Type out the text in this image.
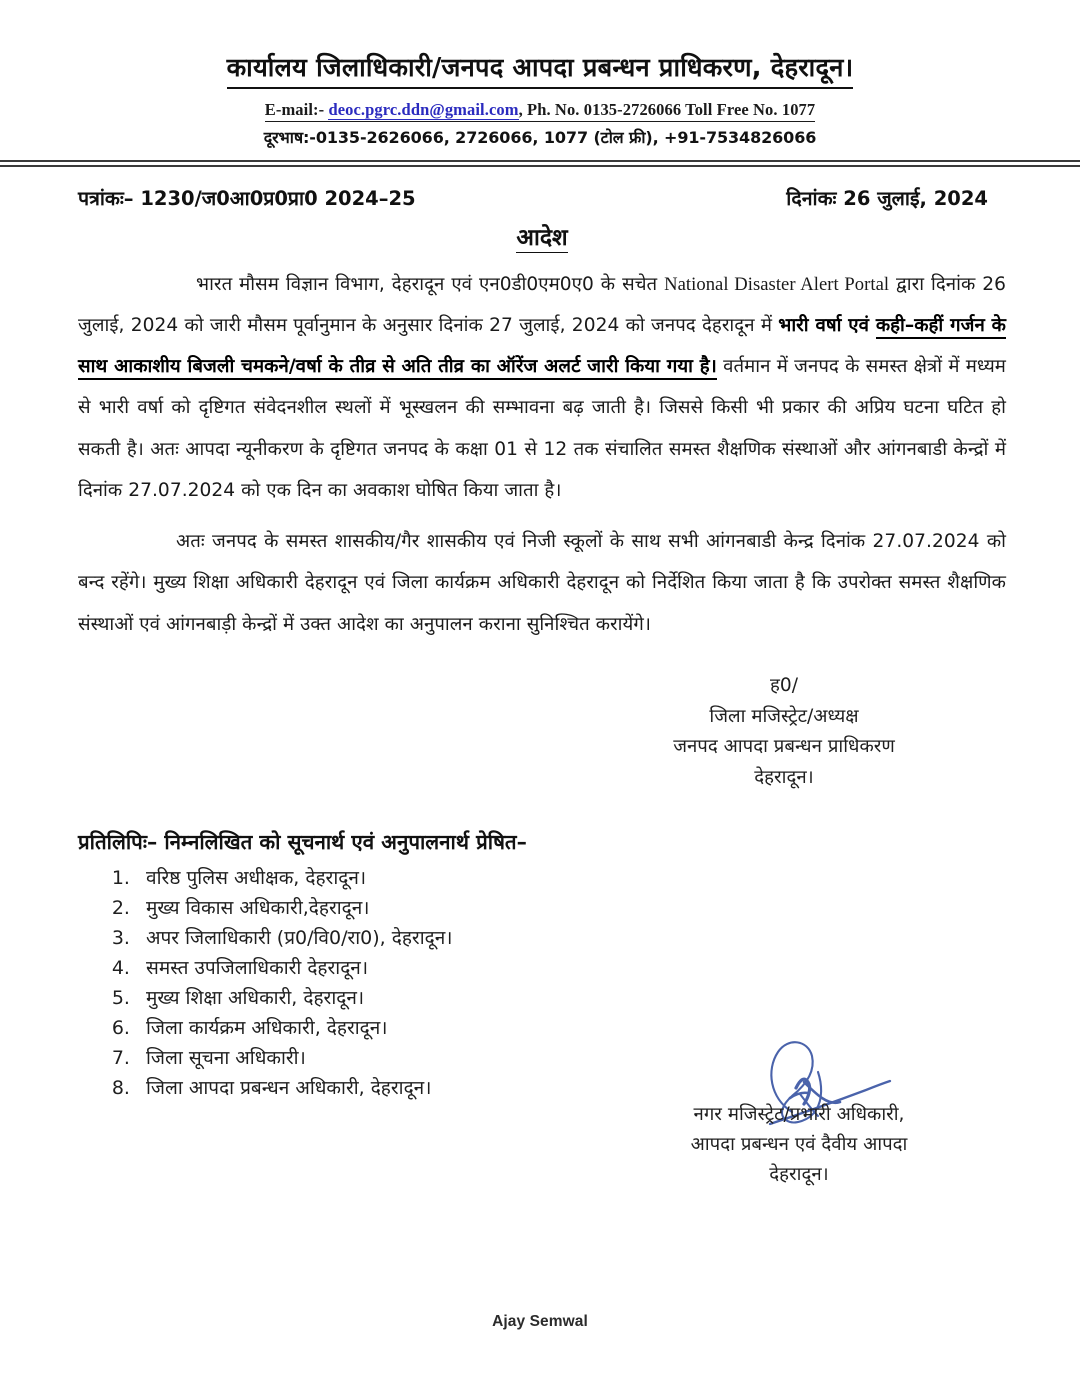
कार्यालय जिलाधिकारी/जनपद आपदा प्रबन्धन प्राधिकरण, देहरादून।
E-mail:- deoc.pgrc.ddn@gmail.com, Ph. No. 0135-2726066 Toll Free No. 1077
दूरभाष:-0135-2626066, 2726066, 1077 (टोल फ्री), +91-7534826066
पत्रांकः– 1230/ज0आ0प्र0प्रा0 2024–25	दिनांकः 26 जुलाई, 2024
आदेश

भारत मौसम विज्ञान विभाग, देहरादून एवं एन0डी0एम0ए0 के सचेत National Disaster Alert Portal द्वारा दिनांक 26 जुलाई, 2024 को जारी मौसम पूर्वानुमान के अनुसार दिनांक 27 जुलाई, 2024 को जनपद देहरादून में भारी वर्षा एवं कही–कहीं गर्जन के साथ आकाशीय बिजली चमकने/वर्षा के तीव्र से अति तीव्र का ऑरेंज अलर्ट जारी किया गया है। वर्तमान में जनपद के समस्त क्षेत्रों में मध्यम से भारी वर्षा को दृष्टिगत संवेदनशील स्थलों में भूस्खलन की सम्भावना बढ़ जाती है। जिससे किसी भी प्रकार की अप्रिय घटना घटित हो सकती है। अतः आपदा न्यूनीकरण के दृष्टिगत जनपद के कक्षा 01 से 12 तक संचालित समस्त शैक्षणिक संस्थाओं और आंगनबाडी केन्द्रों में दिनांक 27.07.2024 को एक दिन का अवकाश घोषित किया जाता है।

अतः जनपद के समस्त शासकीय/गैर शासकीय एवं निजी स्कूलों के साथ सभी आंगनबाडी केन्द्र दिनांक 27.07.2024 को बन्द रहेंगे। मुख्य शिक्षा अधिकारी देहरादून एवं जिला कार्यक्रम अधिकारी देहरादून को निर्देशित किया जाता है कि उपरोक्त समस्त शैक्षणिक संस्थाओं एवं आंगनबाड़ी केन्द्रों में उक्त आदेश का अनुपालन कराना सुनिश्चित करायेंगे।

ह0/
जिला मजिस्ट्रेट/अध्यक्ष
जनपद आपदा प्रबन्धन प्राधिकरण
देहरादून।
प्रतिलिपिः– निम्नलिखित को सूचनार्थ एवं अनुपालनार्थ प्रेषित–
1. वरिष्ठ पुलिस अधीक्षक, देहरादून।
2. मुख्य विकास अधिकारी,देहरादून।
3. अपर जिलाधिकारी (प्र0/वि0/रा0), देहरादून।
4. समस्त उपजिलाधिकारी देहरादून।
5. मुख्य शिक्षा अधिकारी, देहरादून।
6. जिला कार्यक्रम अधिकारी, देहरादून।
7. जिला सूचना अधिकारी।
8. जिला आपदा प्रबन्धन अधिकारी, देहरादून।
नगर मजिस्ट्रेट/प्रभारी अधिकारी,
आपदा प्रबन्धन एवं दैवीय आपदा
देहरादून।
Ajay Semwal
